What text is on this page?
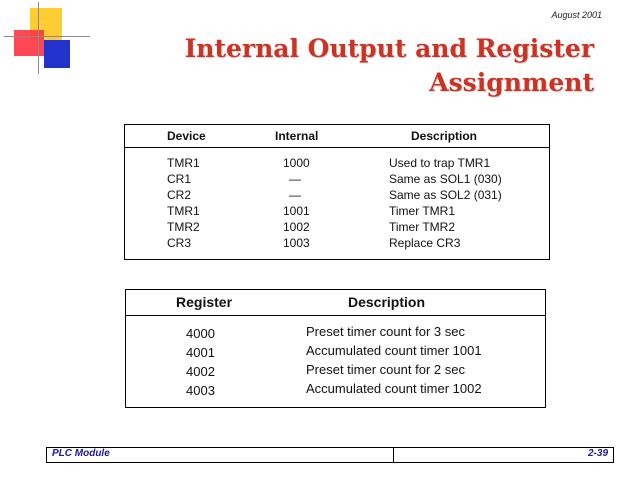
August 2001
Internal Output and Register
Assignment
Device	Internal	Description
TMR1	1000	Used to trap TMR1
CR1	—	Same as SOL1 (030)
CR2	—	Same as SOL2 (031)
TMR1	1001	Timer TMR1
TMR2	1002	Timer TMR2
CR3	1003	Replace CR3
Register	Description
4000	Preset timer count for 3 sec
4001	Accumulated count timer 1001
4002	Preset timer count for 2 sec
4003	Accumulated count timer 1002
PLC Module	2-39
